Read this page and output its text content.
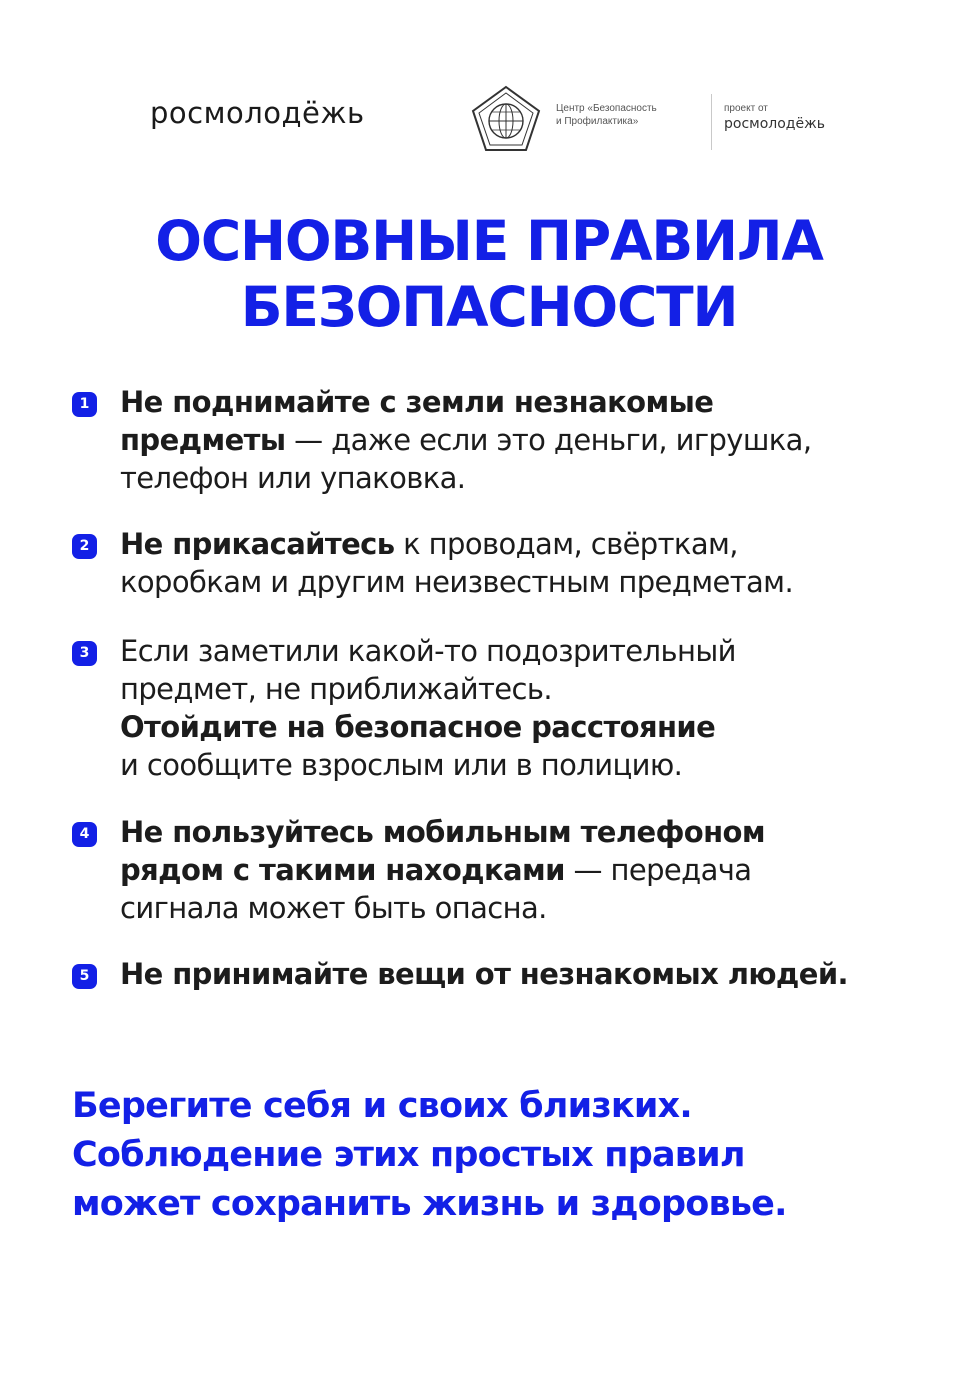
росмолодёжь	Центр «Безопасность
и Профилактика»
проект от
росмолодёжь
ОСНОВНЫЕ ПРАВИЛА
БЕЗОПАСНОСТИ
1 Не поднимайте с земли незнакомые
предметы — даже если это деньги, игрушка,
телефон или упаковка.
2 Не прикасайтесь к проводам, свёрткам,
коробкам и другим неизвестным предметам.
3 Если заметили какой-то подозрительный
предмет, не приближайтесь.
Отойдите на безопасное расстояние
и сообщите взрослым или в полицию.
4 Не пользуйтесь мобильным телефоном
рядом с такими находками — передача
сигнала может быть опасна.
5 Не принимайте вещи от незнакомых людей.

Берегите себя и своих близких.
Соблюдение этих простых правил
может сохранить жизнь и здоровье.
